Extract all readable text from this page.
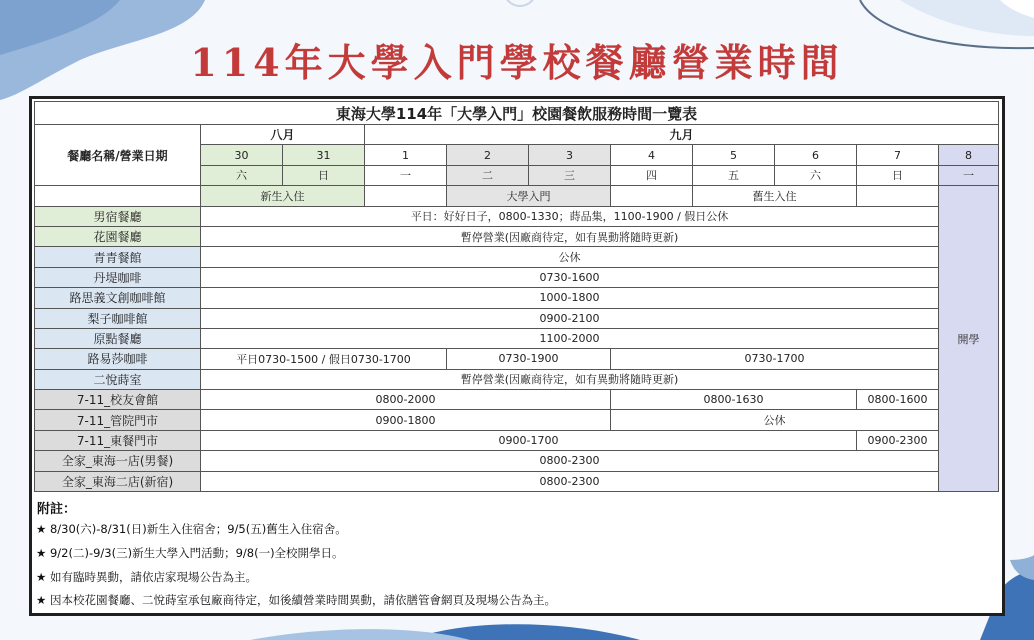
114年大學入門學校餐廳營業時間
東海大學114年「大學入門」校園餐飲服務時間一覽表										
餐廳名稱/營業日期	八月		九月							
	30	31	1	2	3	4	5	6	7	8
	六	日	一	二	三	四	五	六	日	一
	新生入住			大學入門			舊生入住			開學
男宿餐廳	平日：好好日子，0800-1330；蒔品集，1100-1900 / 假日公休									
花園餐廳	暫停營業(因廠商待定，如有異動將隨時更新)									
青青餐館	公休									
丹堤咖啡	0730-1600									
路思義文創咖啡館	1000-1800									
梨子咖啡館	0900-2100									
原點餐廳	1100-2000									
路易莎咖啡	平日0730-1500 / 假日0730-1700			0730-1900		0730-1700				
二悅蒔室	暫停營業(因廠商待定，如有異動將隨時更新)									
7-11_校友會館	0800-2000					0800-1630			0800-1600	
7-11_管院門市	0900-1800					公休				
7-11_東餐門市	0900-1700								0900-2300	
全家_東海一店(男餐)	0800-2300									
全家_東海二店(新宿)	0800-2300									
附註：
★ 8/30(六)-8/31(日)新生入住宿舍；9/5(五)舊生入住宿舍。
★ 9/2(二)-9/3(三)新生大學入門活動；9/8(一)全校開學日。
★ 如有臨時異動，請依店家現場公告為主。
★ 因本校花園餐廳、二悅蒔室承包廠商待定，如後續營業時間異動，請依膳管會網頁及現場公告為主。
